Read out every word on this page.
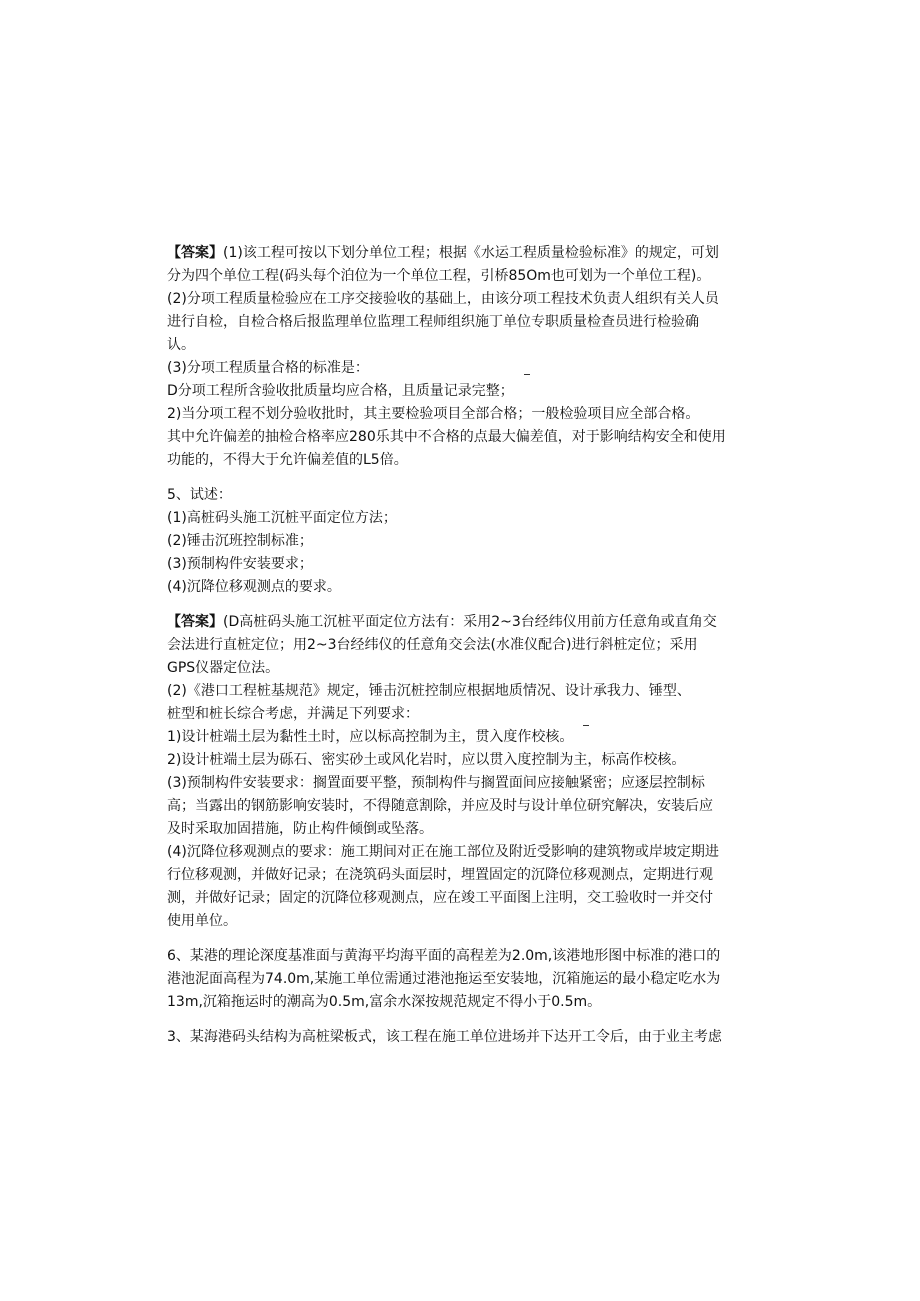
【答案】(1)该工程可按以下划分单位工程；根据《水运工程质量检验标准》的规定，可划
分为四个单位工程(码头每个泊位为一个单位工程，引桥85Om也可划为一个单位工程)。
(2)分项工程质量检验应在工序交接验收的基础上，由该分项工程技术负责人组织有关人员
进行自检，自检合格后报监理单位监理工程师组织施丁单位专职质量检查员进行检验确
认。
(3)分项工程质量合格的标准是：
D分项工程所含验收批质量均应合格，且质量记录完整；
2)当分项工程不划分验收批时，其主要检验项目全部合格；一般检验项目应全部合格。
其中允许偏差的抽检合格率应280乐其中不合格的点最大偏差值，对于影响结构安全和使用
功能的，不得大于允许偏差值的L5倍。
5、试述：
(1)高桩码头施工沉桩平面定位方法；
(2)锤击沉班控制标准；
(3)预制构件安装要求；
(4)沉降位移观测点的要求。
【答案】(D高桩码头施工沉桩平面定位方法有：采用2~3台经纬仪用前方任意角或直角交
会法进行直桩定位；用2~3台经纬仪的任意角交会法(水准仪配合)进行斜桩定位；采用
GPS仪器定位法。
(2)《港口工程桩基规范》规定，锤击沉桩控制应根据地质情况、设计承我力、锤型、
桩型和桩长综合考虑，并满足下列要求：
1)设计桩端土层为黏性土时，应以标高控制为主，贯入度作校核。
2)设计桩端土层为砾石、密实砂土或风化岩时，应以贯入度控制为主，标高作校核。
(3)预制构件安装要求：搁置面要平整，预制构件与搁置面间应接触紧密；应逐层控制标
高；当露出的钢筋影响安装时，不得随意割除，并应及时与设计单位研究解决，安装后应
及时采取加固措施，防止构件倾倒或坠落。
(4)沉降位移观测点的要求：施工期间对正在施工部位及附近受影响的建筑物或岸坡定期进
行位移观测，并做好记录；在浇筑码头面层时，埋置固定的沉降位移观测点，定期进行观
测，并做好记录；固定的沉降位移观测点，应在竣工平面图上注明，交工验收时一并交付
使用单位。
6、某港的理论深度基准面与黄海平均海平面的高程差为2.0m,该港地形图中标准的港口的
港池泥面高程为74.0m,某施工单位需通过港池拖运至安装地，沉箱施运的最小稳定吃水为
13m,沉箱拖运时的潮高为0.5m,富余水深按规范规定不得小于0.5m。
3、某海港码头结构为高桩梁板式，该工程在施工单位进场并下达开工令后，由于业主考虑
